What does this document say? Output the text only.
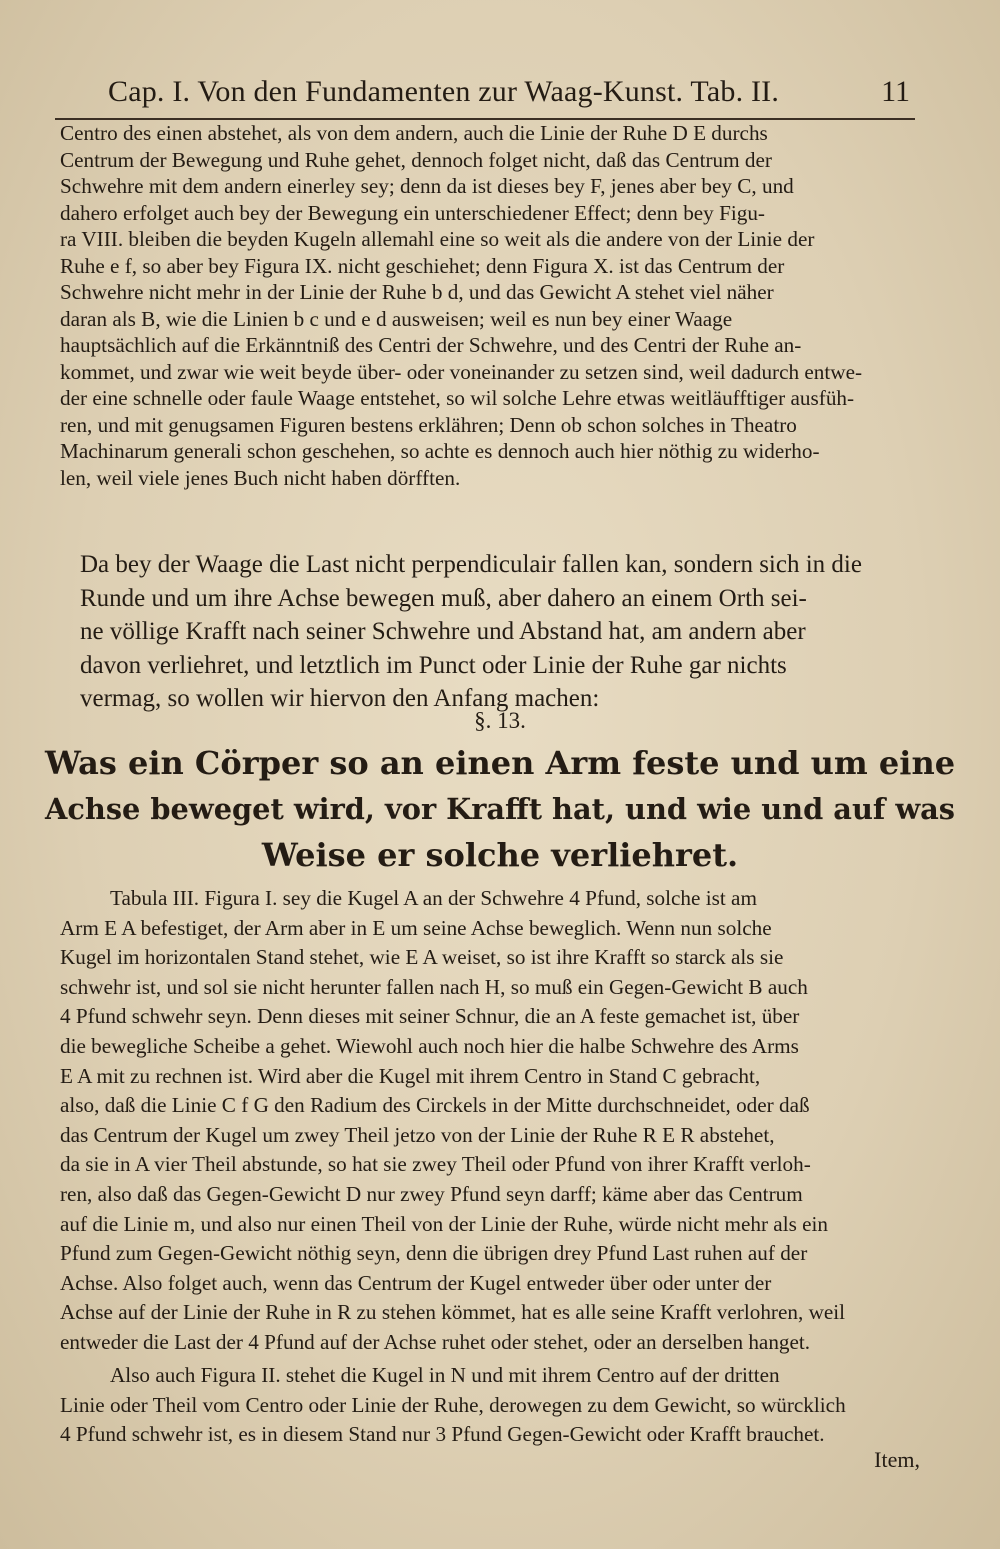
Cap. I. Von den Fundamenten zur Waag-Kunst. Tab. II.	11
Centro des einen abstehet, als von dem andern, auch die Linie der Ruhe D E durchs
Centrum der Bewegung und Ruhe gehet, dennoch folget nicht, daß das Centrum der
Schwehre mit dem andern einerley sey; denn da ist dieses bey F, jenes aber bey C, und
dahero erfolget auch bey der Bewegung ein unterschiedener Effect; denn bey Figu-
ra VIII. bleiben die beyden Kugeln allemahl eine so weit als die andere von der Linie der
Ruhe e f, so aber bey Figura IX. nicht geschiehet; denn Figura X. ist das Centrum der
Schwehre nicht mehr in der Linie der Ruhe b d, und das Gewicht A stehet viel näher
daran als B, wie die Linien b c und e d ausweisen; weil es nun bey einer Waage
hauptsächlich auf die Erkänntniß des Centri der Schwehre, und des Centri der Ruhe an-
kommet, und zwar wie weit beyde über- oder voneinander zu setzen sind, weil dadurch entwe-
der eine schnelle oder faule Waage entstehet, so wil solche Lehre etwas weitläufftiger ausfüh-
ren, und mit genugsamen Figuren bestens erklähren; Denn ob schon solches in Theatro
Machinarum generali schon geschehen, so achte es dennoch auch hier nöthig zu widerho-
len, weil viele jenes Buch nicht haben dörfften.
Da bey der Waage die Last nicht perpendiculair fallen kan, sondern sich in die
Runde und um ihre Achse bewegen muß, aber dahero an einem Orth sei-
ne völlige Krafft nach seiner Schwehre und Abstand hat, am andern aber
davon verliehret, und letztlich im Punct oder Linie der Ruhe gar nichts
vermag, so wollen wir hiervon den Anfang machen:
§. 13.
Was ein Cörper so an einen Arm feste und um eine
Achse beweget wird, vor Krafft hat, und wie und auf was
Weise er solche verliehret.
Tabula III. Figura I. sey die Kugel A an der Schwehre 4 Pfund, solche ist am
Arm E A befestiget, der Arm aber in E um seine Achse beweglich. Wenn nun solche
Kugel im horizontalen Stand stehet, wie E A weiset, so ist ihre Krafft so starck als sie
schwehr ist, und sol sie nicht herunter fallen nach H, so muß ein Gegen-Gewicht B auch
4 Pfund schwehr seyn. Denn dieses mit seiner Schnur, die an A feste gemachet ist, über
die bewegliche Scheibe a gehet. Wiewohl auch noch hier die halbe Schwehre des Arms
E A mit zu rechnen ist. Wird aber die Kugel mit ihrem Centro in Stand C gebracht,
also, daß die Linie C f G den Radium des Circkels in der Mitte durchschneidet, oder daß
das Centrum der Kugel um zwey Theil jetzo von der Linie der Ruhe R E R abstehet,
da sie in A vier Theil abstunde, so hat sie zwey Theil oder Pfund von ihrer Krafft verloh-
ren, also daß das Gegen-Gewicht D nur zwey Pfund seyn darff; käme aber das Centrum
auf die Linie m, und also nur einen Theil von der Linie der Ruhe, würde nicht mehr als ein
Pfund zum Gegen-Gewicht nöthig seyn, denn die übrigen drey Pfund Last ruhen auf der
Achse. Also folget auch, wenn das Centrum der Kugel entweder über oder unter der
Achse auf der Linie der Ruhe in R zu stehen kömmet, hat es alle seine Krafft verlohren, weil
entweder die Last der 4 Pfund auf der Achse ruhet oder stehet, oder an derselben hanget.
Also auch Figura II. stehet die Kugel in N und mit ihrem Centro auf der dritten
Linie oder Theil vom Centro oder Linie der Ruhe, derowegen zu dem Gewicht, so würcklich
4 Pfund schwehr ist, es in diesem Stand nur 3 Pfund Gegen-Gewicht oder Krafft brauchet.
Item,
